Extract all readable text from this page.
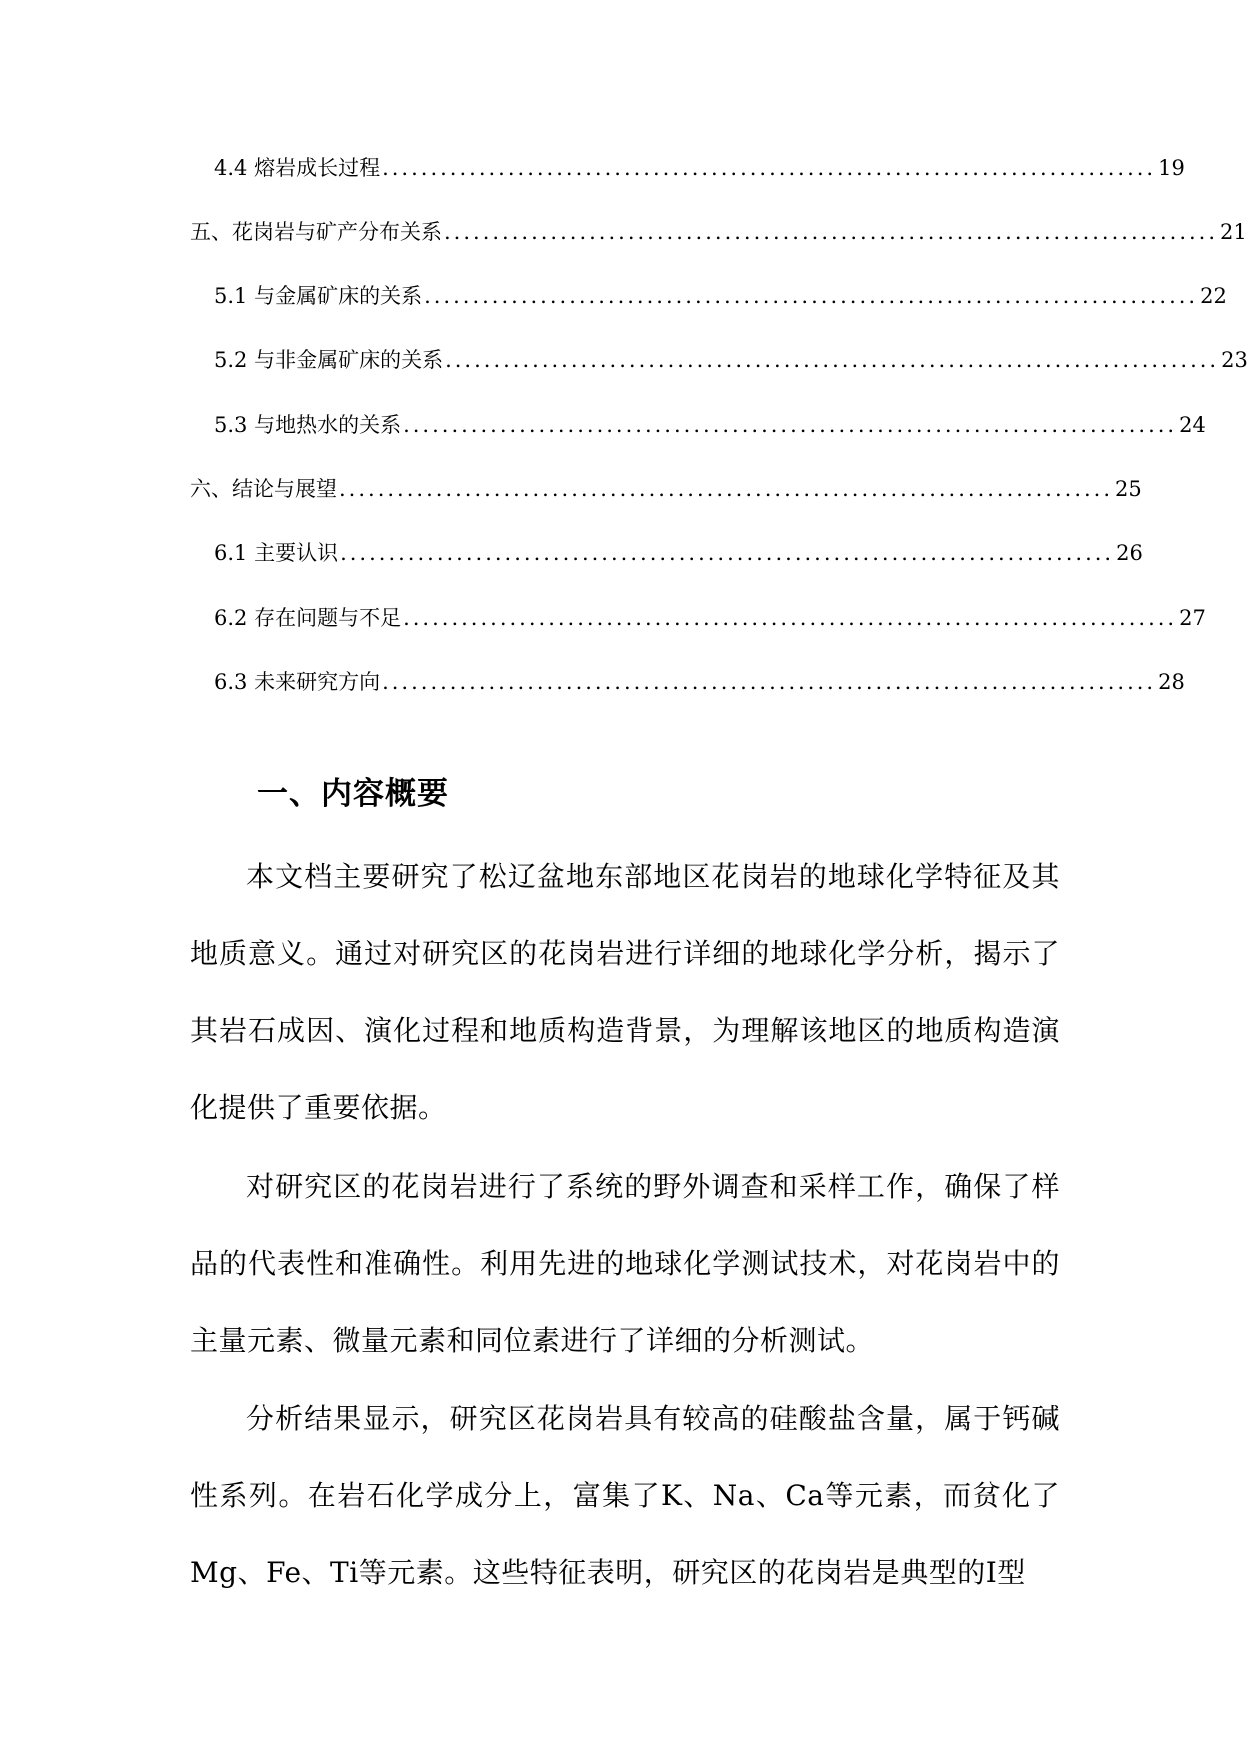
4.4 熔岩成长过程 ................................................................................ 19
五、花岗岩与矿产分布关系 ................................................................................ 21
5.1 与金属矿床的关系 ................................................................................ 22
5.2 与非金属矿床的关系 ................................................................................ 23
5.3 与地热水的关系 ................................................................................ 24
六、结论与展望 ................................................................................ 25
6.1 主要认识 ................................................................................ 26
6.2 存在问题与不足 ................................................................................ 27
6.3 未来研究方向 ................................................................................ 28
一、内容概要

本文档主要研究了松辽盆地东部地区花岗岩的地球化学特征及其地质意义。通过对研究区的花岗岩进行详细的地球化学分析，揭示了其岩石成因、演化过程和地质构造背景，为理解该地区的地质构造演化提供了重要依据。

对研究区的花岗岩进行了系统的野外调查和采样工作，确保了样品的代表性和准确性。利用先进的地球化学测试技术，对花岗岩中的主量元素、微量元素和同位素进行了详细的分析测试。

分析结果显示，研究区花岗岩具有较高的硅酸盐含量，属于钙碱性系列。在岩石化学成分上，富集了K、Na、Ca等元素，而贫化了Mg、Fe、Ti等元素。这些特征表明，研究区的花岗岩是典型的I型
